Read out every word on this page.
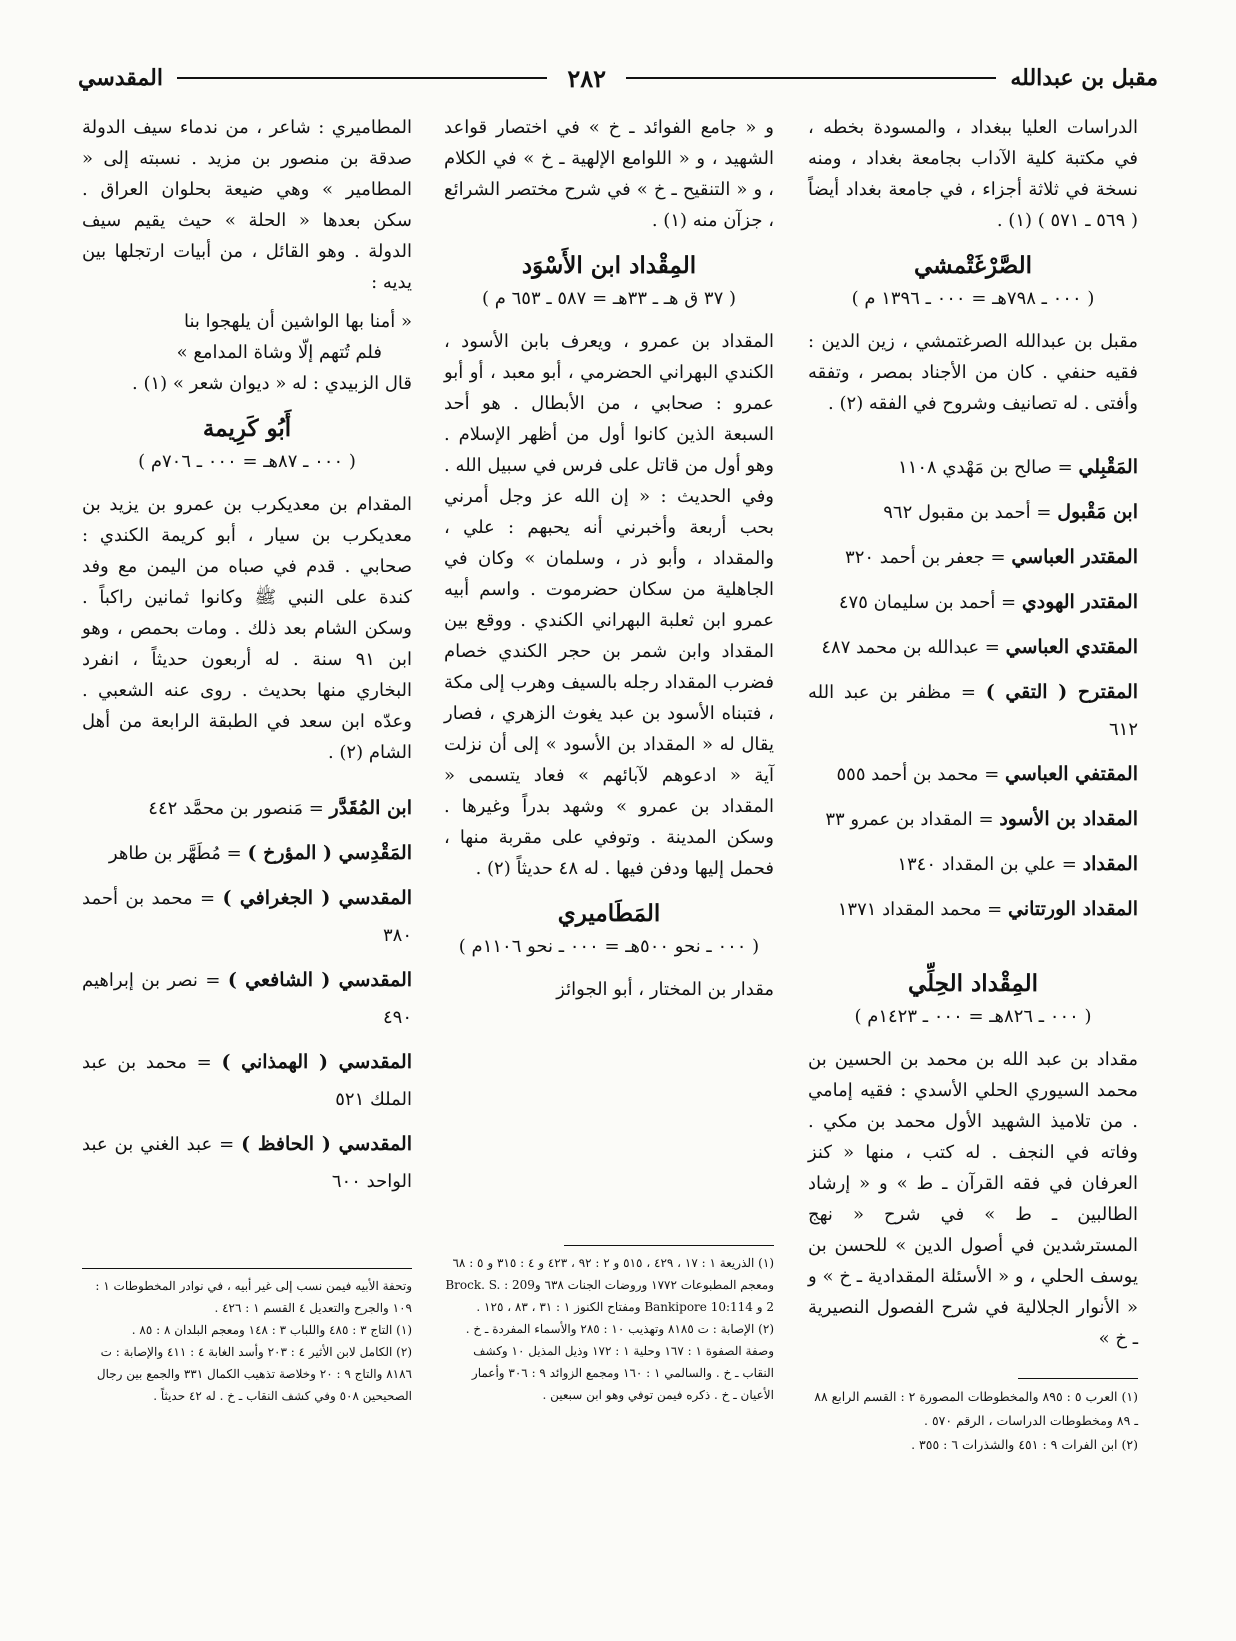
مقبل بن عبدالله
٢٨٢
المقدسي

الدراسات العليا ببغداد ، والمسودة بخطه ، في مكتبة كلية الآداب بجامعة بغداد ، ومنه نسخة في ثلاثة أجزاء ، في جامعة بغداد أيضاً ( ٥٦٩ ـ ٥٧١ ) (١) .

الصَّرْغَتْمشي
( ٠٠٠ ـ ٧٩٨هـ = ٠٠٠ ـ ١٣٩٦ م )

مقبل بن عبدالله الصرغتمشي ، زين الدين : فقيه حنفي . كان من الأجناد بمصر ، وتفقه وأفتى . له تصانيف وشروح في الفقه (٢) .

المَقْبِلي = صالح بن مَهْدي ١١٠٨

ابن مَقْبول = أحمد بن مقبول ٩٦٢

المقتدر العباسي = جعفر بن أحمد ٣٢٠

المقتدر الهودي = أحمد بن سليمان ٤٧٥

المقتدي العباسي = عبدالله بن محمد ٤٨٧

المقترح ( التقي ) = مظفر بن عبد الله ٦١٢

المقتفي العباسي = محمد بن أحمد ٥٥٥

المقداد بن الأسود = المقداد بن عمرو ٣٣

المقداد = علي بن المقداد ١٣٤٠

المقداد الورتتاني = محمد المقداد ١٣٧١

المِقْداد الحِلِّي
( ٠٠٠ ـ ٨٢٦هـ = ٠٠٠ ـ ١٤٢٣م )

مقداد بن عبد الله بن محمد بن الحسين بن محمد السيوري الحلي الأسدي : فقيه إمامي . من تلاميذ الشهيد الأول محمد بن مكي . وفاته في النجف . له كتب ، منها « كنز العرفان في فقه القرآن ـ ط » و « إرشاد الطالبين ـ ط » في شرح « نهج المسترشدين في أصول الدين » للحسن بن يوسف الحلي ، و « الأسئلة المقدادية ـ خ » و « الأنوار الجلالية في شرح الفصول النصيرية ـ خ »

(١) العرب ٥ : ٨٩٥ والمخطوطات المصورة ٢ : القسم الرابع ٨٨ ـ ٨٩ ومخطوطات الدراسات ، الرقم ٥٧٠ .
(٢) ابن الفرات ٩ : ٤٥١ والشذرات ٦ : ٣٥٥ .

و « جامع الفوائد ـ خ » في اختصار قواعد الشهيد ، و « اللوامع الإلهية ـ خ » في الكلام ، و « التنقيح ـ خ » في شرح مختصر الشرائع ، جزآن منه (١) .

المِقْداد ابن الأَسْوَد
( ٣٧ ق هـ ـ ٣٣هـ = ٥٨٧ ـ ٦٥٣ م )

المقداد بن عمرو ، ويعرف بابن الأسود ، الكندي البهراني الحضرمي ، أبو معبد ، أو أبو عمرو : صحابي ، من الأبطال . هو أحد السبعة الذين كانوا أول من أظهر الإسلام . وهو أول من قاتل على فرس في سبيل الله . وفي الحديث : « إن الله عز وجل أمرني بحب أربعة وأخبرني أنه يحبهم : علي ، والمقداد ، وأبو ذر ، وسلمان » وكان في الجاهلية من سكان حضرموت . واسم أبيه عمرو ابن ثعلبة البهراني الكندي . ووقع بين المقداد وابن شمر بن حجر الكندي خصام فضرب المقداد رجله بالسيف وهرب إلى مكة ، فتبناه الأسود بن عبد يغوث الزهري ، فصار يقال له « المقداد بن الأسود » إلى أن نزلت آية « ادعوهم لآبائهم » فعاد يتسمى « المقداد بن عمرو » وشهد بدراً وغيرها . وسكن المدينة . وتوفي على مقربة منها ، فحمل إليها ودفن فيها . له ٤٨ حديثاً (٢) .

المَطَاميري
( ٠٠٠ ـ نحو ٥٠٠هـ = ٠٠٠ ـ نحو ١١٠٦م )

مقدار بن المختار ، أبو الجوائز

(١) الذريعة ١ : ١٧ ، ٤٢٩ ، ٥١٥ و ٢ : ٩٢ ، ٤٢٣ و ٤ : ٣١٥ و ٥ : ٦٨ ومعجم المطبوعات ١٧٧٢ وروضات الجنات ٦٣٨ و209 : Brock. S. 2 و Bankipore 10:114 ومفتاح الكنوز ١ : ٣١ ، ٨٣ ، ١٢٥ .
(٢) الإصابة : ت ٨١٨٥ وتهذيب ١٠ : ٢٨٥ والأسماء المفردة ـ خ . وصفة الصفوة ١ : ١٦٧ وحلية ١ : ١٧٢ وذيل المذيل ١٠ وكشف النقاب ـ خ . والسالمي ١ : ١٦٠ ومجمع الزوائد ٩ : ٣٠٦ وأعمار الأعيان ـ خ . ذكره فيمن توفي وهو ابن سبعين .

المطاميري : شاعر ، من ندماء سيف الدولة صدقة بن منصور بن مزيد . نسبته إلى « المطامير » وهي ضيعة بحلوان العراق . سكن بعدها « الحلة » حيث يقيم سيف الدولة . وهو القائل ، من أبيات ارتجلها بين يديه :

« أمنا بها الواشين أن يلهجوا بنا
فلم تُتهم إلّا وشاة المدامع »

قال الزبيدي : له « ديوان شعر » (١) .

أَبُو كَرِيمة
( ٠٠٠ ـ ٨٧هـ = ٠٠٠ ـ ٧٠٦م )

المقدام بن معديكرب بن عمرو بن يزيد بن معديكرب بن سيار ، أبو كريمة الكندي : صحابي . قدم في صباه من اليمن مع وفد كندة على النبي ﷺ وكانوا ثمانين راكباً . وسكن الشام بعد ذلك . ومات بحمص ، وهو ابن ٩١ سنة . له أربعون حديثاً ، انفرد البخاري منها بحديث . روى عنه الشعبي . وعدّه ابن سعد في الطبقة الرابعة من أهل الشام (٢) .

ابن المُقَدَّر = مَنصور بن محمَّد ٤٤٢

المَقْدِسي ( المؤرخ ) = مُطَهَّر بن طاهر

المقدسي ( الجغرافي ) = محمد بن أحمد ٣٨٠

المقدسي ( الشافعي ) = نصر بن إبراهيم ٤٩٠

المقدسي ( الهمذاني ) = محمد بن عبد الملك ٥٢١

المقدسي ( الحافظ ) = عبد الغني بن عبد الواحد ٦٠٠

وتحفة الأبيه فيمن نسب إلى غير أبيه ، في نوادر المخطوطات ١ : ١٠٩ والجرح والتعديل ٤ القسم ١ : ٤٢٦ .
(١) التاج ٣ : ٤٨٥ واللباب ٣ : ١٤٨ ومعجم البلدان ٨ : ٨٥ .
(٢) الكامل لابن الأثير ٤ : ٢٠٣ وأسد الغابة ٤ : ٤١١ والإصابة : ت ٨١٨٦ والتاج ٩ : ٢٠ وخلاصة تذهيب الكمال ٣٣١ والجمع بين رجال الصحيحين ٥٠٨ وفي كشف النقاب ـ خ . له ٤٢ حديثاً .
